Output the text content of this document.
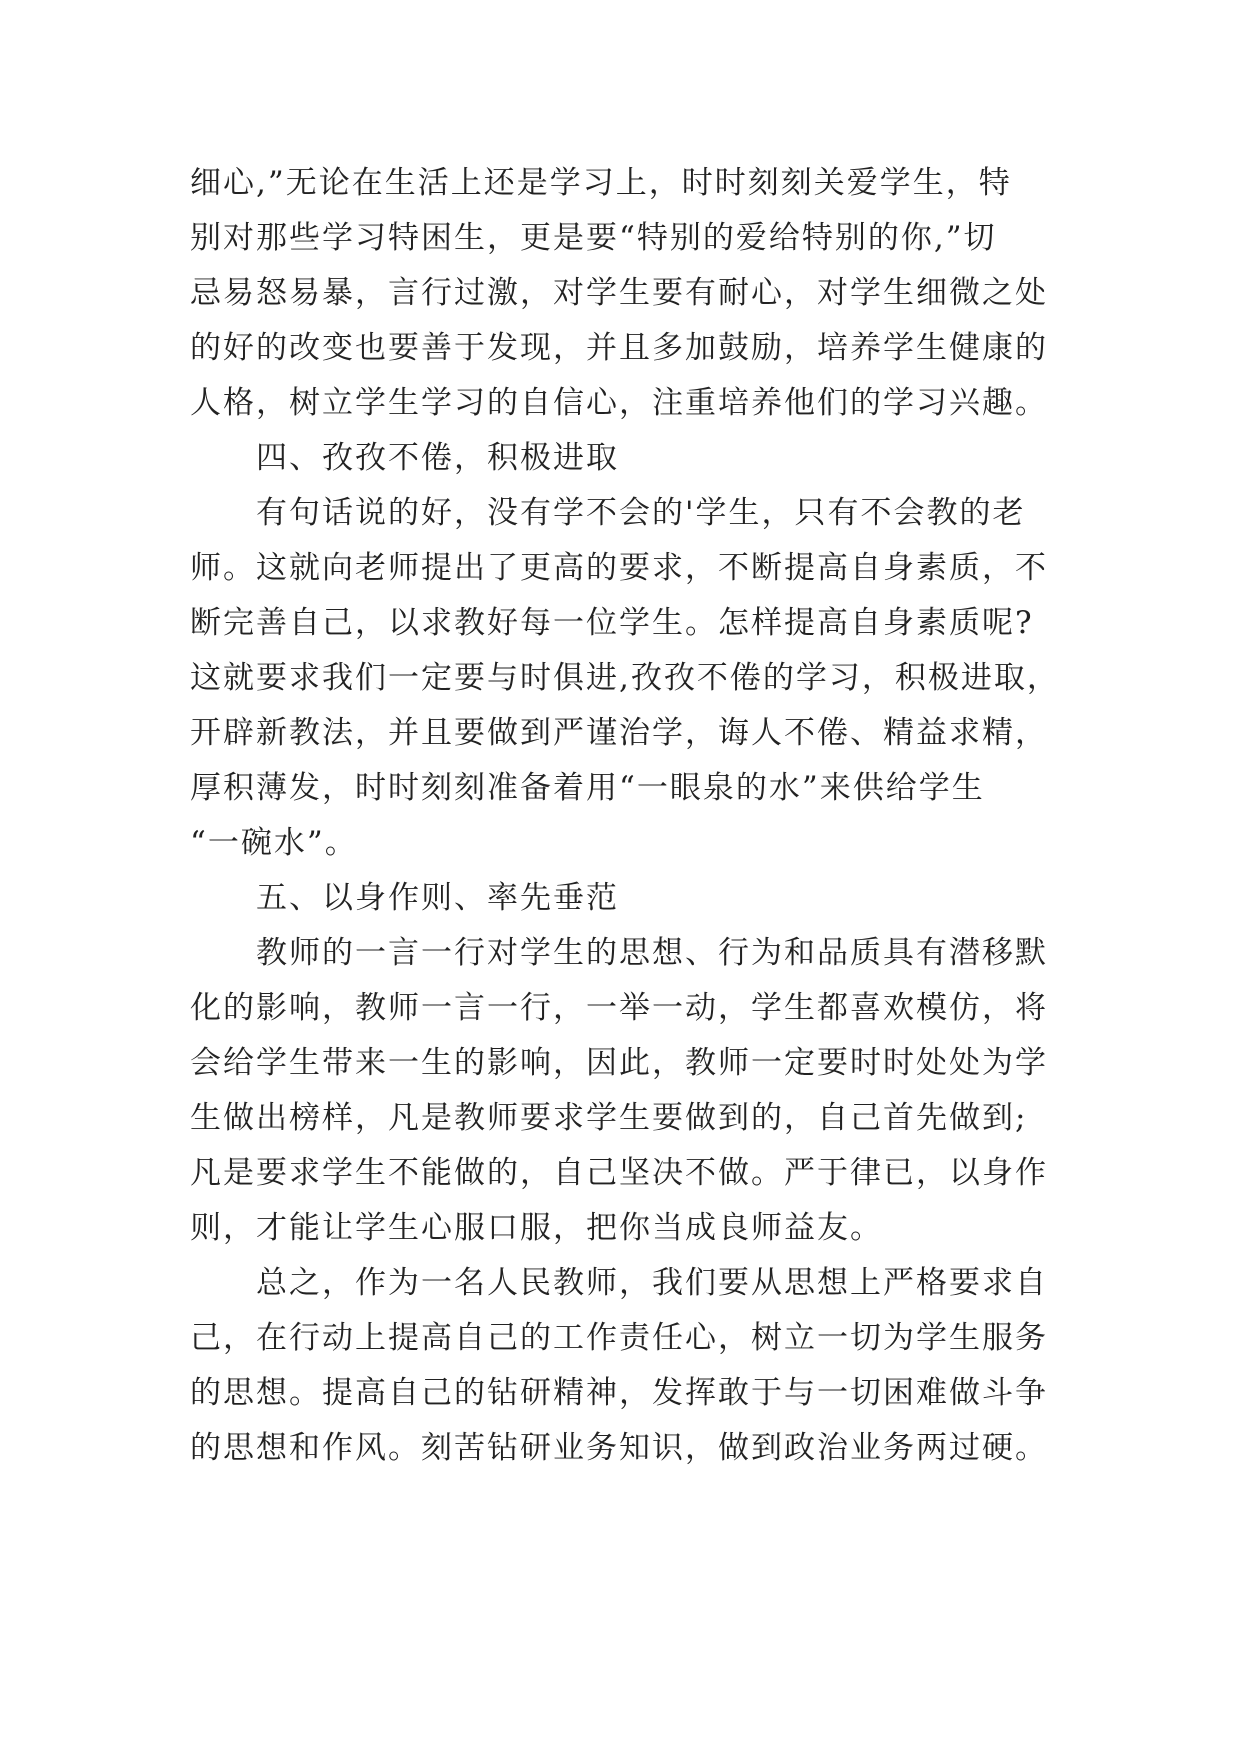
细心,”无论在生活上还是学习上，时时刻刻关爱学生，特
别对那些学习特困生，更是要“特别的爱给特别的你,”切
忌易怒易暴，言行过激，对学生要有耐心，对学生细微之处
的好的改变也要善于发现，并且多加鼓励，培养学生健康的
人格，树立学生学习的自信心，注重培养他们的学习兴趣。
　　四、孜孜不倦，积极进取
　　有句话说的好，没有学不会的'学生，只有不会教的老
师。这就向老师提出了更高的要求，不断提高自身素质，不
断完善自己，以求教好每一位学生。怎样提高自身素质呢?
这就要求我们一定要与时俱进,孜孜不倦的学习，积极进取，
开辟新教法，并且要做到严谨治学，诲人不倦、精益求精，
厚积薄发，时时刻刻准备着用“一眼泉的水”来供给学生
“一碗水”。
　　五、以身作则、率先垂范
　　教师的一言一行对学生的思想、行为和品质具有潜移默
化的影响，教师一言一行，一举一动，学生都喜欢模仿，将
会给学生带来一生的影响，因此，教师一定要时时处处为学
生做出榜样，凡是教师要求学生要做到的，自己首先做到;
凡是要求学生不能做的，自己坚决不做。严于律已，以身作
则，才能让学生心服口服，把你当成良师益友。
　　总之，作为一名人民教师，我们要从思想上严格要求自
己，在行动上提高自己的工作责任心，树立一切为学生服务
的思想。提高自己的钻研精神，发挥敢于与一切困难做斗争
的思想和作风。刻苦钻研业务知识，做到政治业务两过硬。
